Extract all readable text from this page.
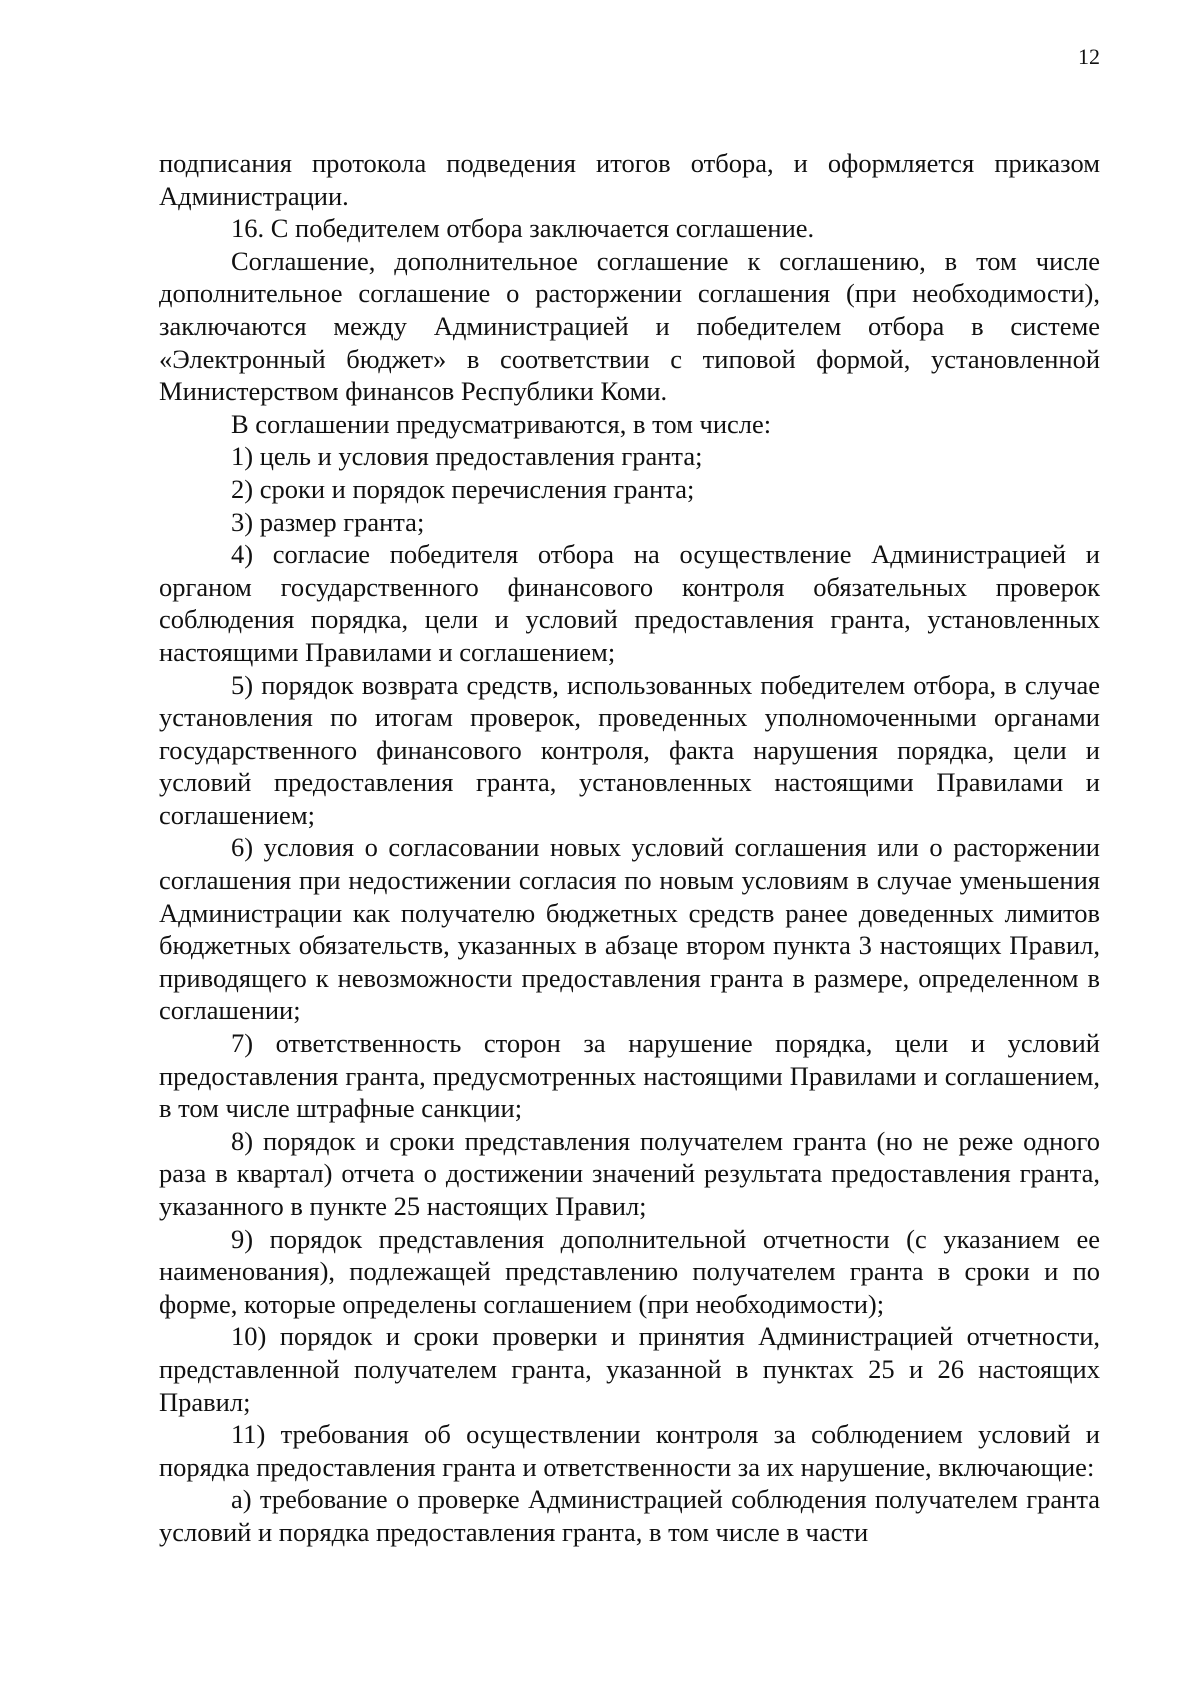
12

подписания протокола подведения итогов отбора, и оформляется приказом Администрации.

16. С победителем отбора заключается соглашение.

Соглашение, дополнительное соглашение к соглашению, в том числе дополнительное соглашение о расторжении соглашения (при необходимости), заключаются между Администрацией и победителем отбора в системе «Электронный бюджет» в соответствии с типовой формой, установленной Министерством финансов Республики Коми.

В соглашении предусматриваются, в том числе:

1) цель и условия предоставления гранта;

2) сроки и порядок перечисления гранта;

3) размер гранта;

4) согласие победителя отбора на осуществление Администрацией и органом государственного финансового контроля обязательных проверок соблюдения порядка, цели и условий предоставления гранта, установленных настоящими Правилами и соглашением;

5) порядок возврата средств, использованных победителем отбора, в случае установления по итогам проверок, проведенных уполномоченными органами государственного финансового контроля, факта нарушения порядка, цели и условий предоставления гранта, установленных настоящими Правилами и соглашением;

6) условия о согласовании новых условий соглашения или о расторжении соглашения при недостижении согласия по новым условиям в случае уменьшения Администрации как получателю бюджетных средств ранее доведенных лимитов бюджетных обязательств, указанных в абзаце втором пункта 3 настоящих Правил, приводящего к невозможности предоставления гранта в размере, определенном в соглашении;

7) ответственность сторон за нарушение порядка, цели и условий предоставления гранта, предусмотренных настоящими Правилами и соглашением, в том числе штрафные санкции;

8) порядок и сроки представления получателем гранта (но не реже одного раза в квартал) отчета о достижении значений результата предоставления гранта, указанного в пункте 25 настоящих Правил;

9) порядок представления дополнительной отчетности (с указанием ее наименования), подлежащей представлению получателем гранта в сроки и по форме, которые определены соглашением (при необходимости);

10) порядок и сроки проверки и принятия Администрацией отчетности, представленной получателем гранта, указанной в пунктах 25 и 26 настоящих Правил;

11) требования об осуществлении контроля за соблюдением условий и порядка предоставления гранта и ответственности за их нарушение, включающие:

а) требование о проверке Администрацией соблюдения получателем гранта условий и порядка предоставления гранта, в том числе в части
